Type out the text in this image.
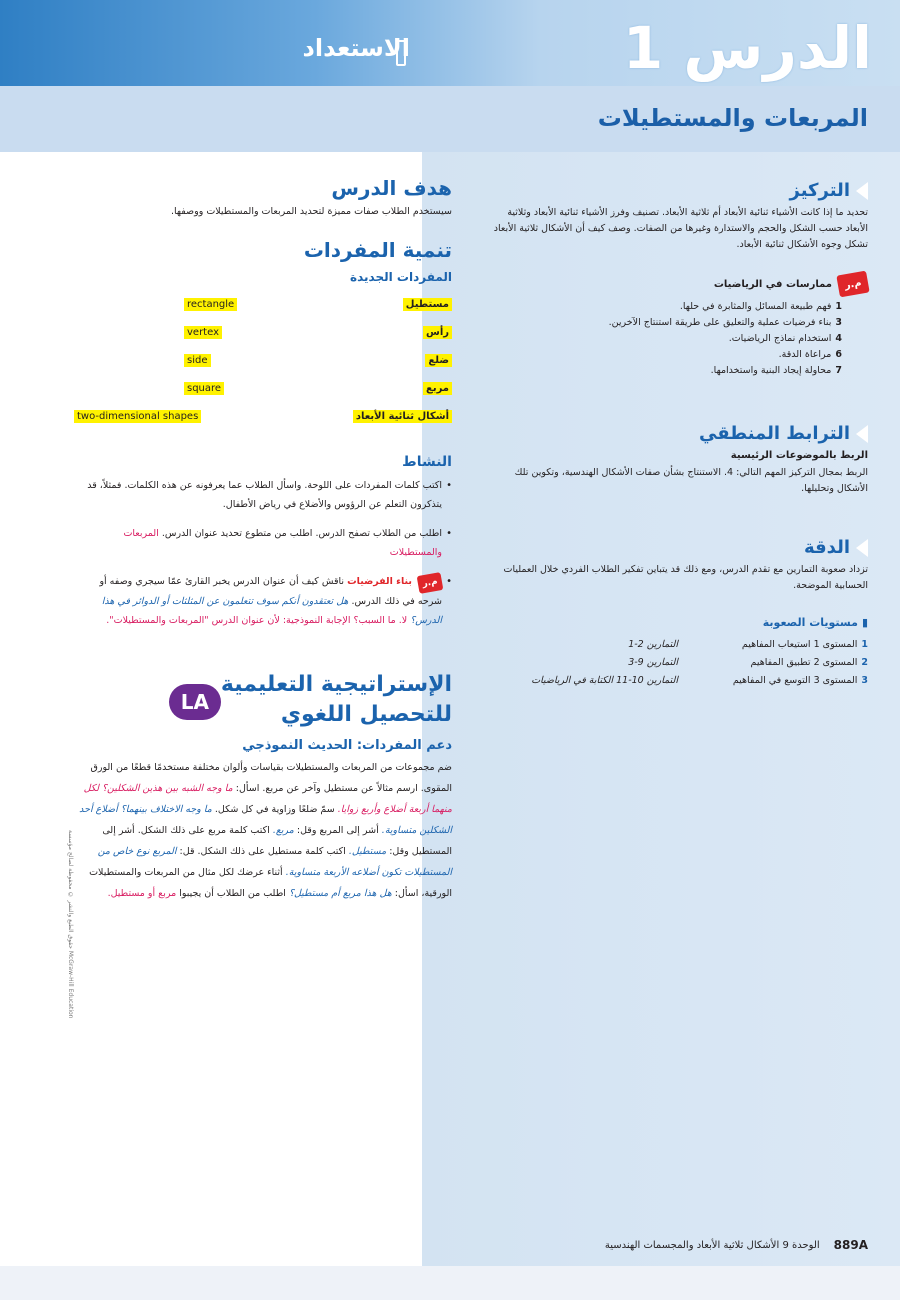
الاستعداد	الدرس 1
المربعات والمستطيلات
التركيز

تحديد ما إذا كانت الأشياء ثنائية الأبعاد أم ثلاثية الأبعاد. تصنيف وفرز الأشياء ثنائية الأبعاد وثلاثية الأبعاد حسب الشكل والحجم والاستدارة وغيرها من الصفات. وصف كيف أن الأشكال ثلاثية الأبعاد تشكل وجوه الأشكال ثنائية الأبعاد.

م.ر
ممارسات في الرياضيات
1فهم طبيعة المسائل والمثابرة في حلها.
3بناء فرضيات عملية والتعليق على طريقة استنتاج الآخرين.
4استخدام نماذج الرياضيات.
6مراعاة الدقة.
7محاولة إيجاد البنية واستخدامها.
الترابط المنطقي
الربط بالموضوعات الرئيسية

الربط بمجال التركيز المهم التالي: 4. الاستنتاج بشأن صفات الأشكال الهندسية، وتكوين تلك الأشكال وتحليلها.

الدقة

تزداد صعوبة التمارين مع تقدم الدرس، ومع ذلك قد يتباين تفكير الطلاب الفردي خلال العمليات الحسابية الموضحة.

▮مستويات الصعوبة
1المستوى 1 استيعاب المفاهيم
التمارين 2-1
2المستوى 2 تطبيق المفاهيم
التمارين 9-3
3المستوى 3 التوسع في المفاهيم
التمارين 10-11 الكتابة في الرياضيات
هدف الدرس

سيستخدم الطلاب صفات مميزة لتحديد المربعات والمستطيلات ووصفها.

تنمية المفردات
المفردات الجديدة
مستطيل
rectangle
رأس
vertex
ضلع
side
مربع
square
أشكال ثنائية الأبعاد
two-dimensional shapes
النشاط
• اكتب كلمات المفردات على اللوحة. واسأل الطلاب عما يعرفونه عن هذه الكلمات. فمثلاً، قد يتذكرون التعلم عن الرؤوس والأضلاع في رياض الأطفال.
• اطلب من الطلاب تصفح الدرس. اطلب من متطوع تحديد عنوان الدرس. المربعات والمستطيلات
• م.ربناء الفرضيات ناقش كيف أن عنوان الدرس يخبر القارئ عمّا سيجري وصفه أو شرحه في ذلك الدرس. هل تعتقدون أنكم سوف تتعلمون عن المثلثات أو الدوائر في هذا الدرس؟ لا. ما السبب؟ الإجابة النموذجية: لأن عنوان الدرس "المربعات والمستطيلات".
الإستراتيجية التعليمية
للتحصيل اللغوي
LA
دعم المفردات: الحديث النموذجي

ضم مجموعات من المربعات والمستطيلات بقياسات وألوان مختلفة مستخدمًا قطعًا من الورق المقوى. ارسم مثالاً عن مستطيل وآخر عن مربع. اسأل: ما وجه الشبه بين هذين الشكلين؟ لكل منهما أربعة أضلاع وأربع زوايا. سمّ ضلعًا وزاوية في كل شكل. ما وجه الاختلاف بينهما؟ أضلاع أحد الشكلين متساوية. أشر إلى المربع وقل: مربع. اكتب كلمة مربع على ذلك الشكل. أشر إلى المستطيل وقل: مستطيل. اكتب كلمة مستطيل على ذلك الشكل. قل: المربع نوع خاص من المستطيلات تكون أضلاعه الأربعة متساوية. أثناء عرضك لكل مثال من المربعات والمستطيلات الورقية، اسأل: هل هذا مربع أم مستطيل؟ اطلب من الطلاب أن يجيبوا مربع أو مستطيل.

حقوق الطبع والنشر © محفوظة لصالح مؤسسة McGraw-Hill Education
889A
الوحدة 9 الأشكال ثلاثية الأبعاد والمجسمات الهندسية
